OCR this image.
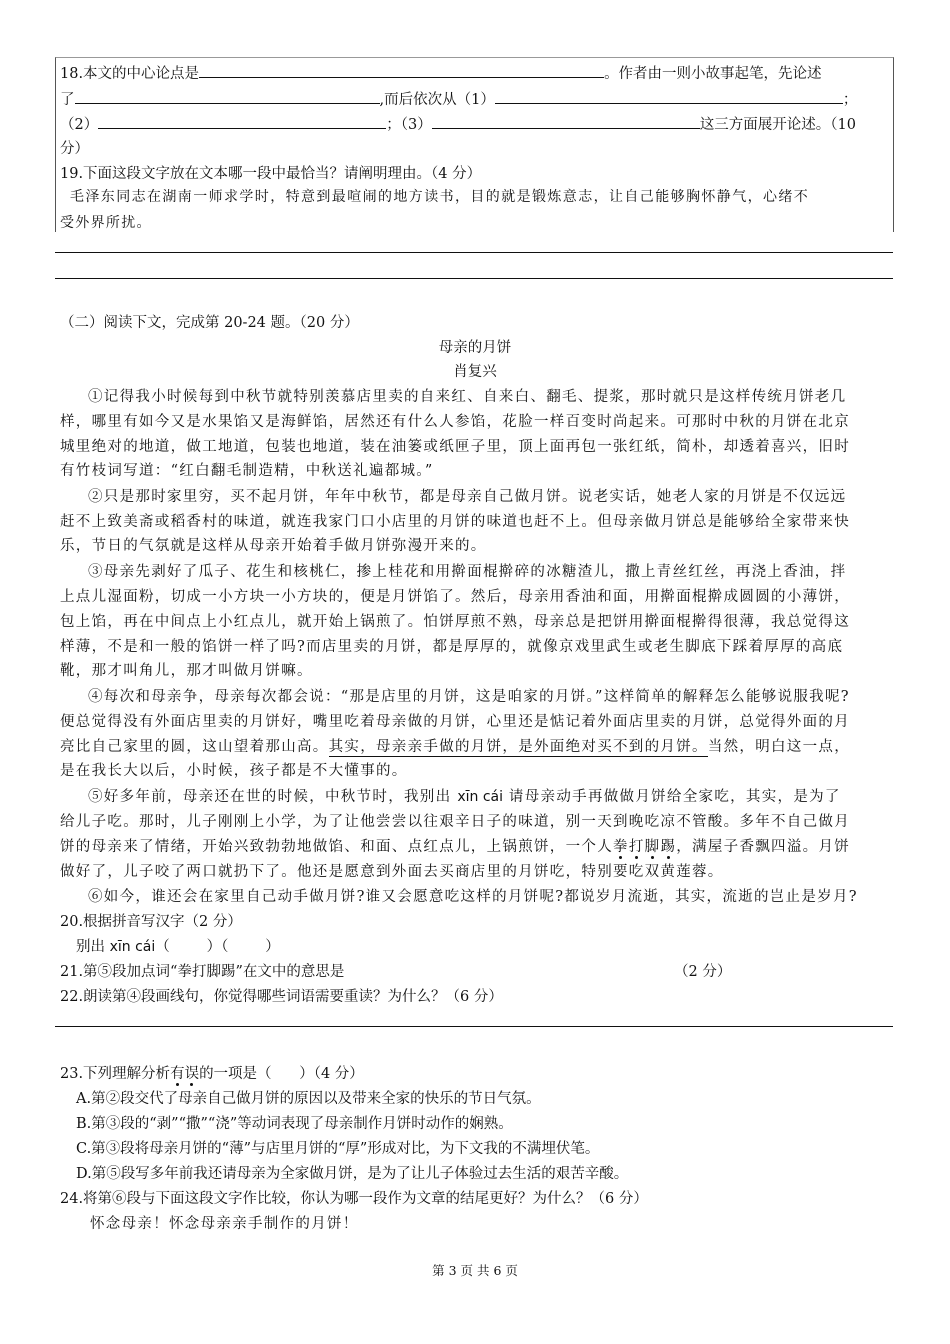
18.本文的中心论点是	。作者由一则小故事起笔，先论述
了	,而后依次从（1）	；
（2）	；（3）	这三方面展开论述。（10
分）
19.下面这段文字放在文本哪一段中最恰当？请阐明理由。（4 分）
毛泽东同志在湖南一师求学时，特意到最喧闹的地方读书，目的就是锻炼意志，让自己能够胸怀静气，心绪不
受外界所扰。
（二）阅读下文，完成第 20-24 题。（20 分）
母亲的月饼
肖复兴
①记得我小时候每到中秋节就特别羡慕店里卖的自来红、自来白、翻毛、提浆，那时就只是这样传统月饼老几
样，哪里有如今又是水果馅又是海鲜馅，居然还有什么人参馅，花脸一样百变时尚起来。可那时中秋的月饼在北京
城里绝对的地道，做工地道，包装也地道，装在油篓或纸匣子里，顶上面再包一张红纸，简朴，却透着喜兴，旧时
有竹枝词写道：“红白翻毛制造精，中秋送礼遍都城。”
②只是那时家里穷，买不起月饼，年年中秋节，都是母亲自己做月饼。说老实话，她老人家的月饼是不仅远远
赶不上致美斋或稻香村的味道，就连我家门口小店里的月饼的味道也赶不上。但母亲做月饼总是能够给全家带来快
乐，节日的气氛就是这样从母亲开始着手做月饼弥漫开来的。
③母亲先剥好了瓜子、花生和核桃仁，掺上桂花和用擀面棍擀碎的冰糖渣儿，撒上青丝红丝，再浇上香油，拌
上点儿湿面粉，切成一小方块一小方块的，便是月饼馅了。然后，母亲用香油和面，用擀面棍擀成圆圆的小薄饼，
包上馅，再在中间点上小红点儿，就开始上锅煎了。怕饼厚煎不熟，母亲总是把饼用擀面棍擀得很薄，我总觉得这
样薄，不是和一般的馅饼一样了吗?而店里卖的月饼，都是厚厚的，就像京戏里武生或老生脚底下踩着厚厚的高底
靴，那才叫角儿，那才叫做月饼嘛。
④每次和母亲争，母亲每次都会说：“那是店里的月饼，这是咱家的月饼。”这样简单的解释怎么能够说服我呢?
便总觉得没有外面店里卖的月饼好，嘴里吃着母亲做的月饼，心里还是惦记着外面店里卖的月饼，总觉得外面的月
亮比自己家里的圆，这山望着那山高。其实，母亲亲手做的月饼，是外面绝对买不到的月饼。当然，明白这一点，
是在我长大以后，小时候，孩子都是不大懂事的。
⑤好多年前，母亲还在世的时候，中秋节时，我别出 xīn cái 请母亲动手再做做月饼给全家吃，其实，是为了
给儿子吃。那时，儿子刚刚上小学，为了让他尝尝以往艰辛日子的味道，别一天到晚吃凉不管酸。多年不自己做月
饼的母亲来了情绪，开始兴致勃勃地做馅、和面、点红点儿，上锅煎饼，一个人拳打脚踢，满屋子香飘四溢。月饼
做好了，儿子咬了两口就扔下了。他还是愿意到外面去买商店里的月饼吃，特别要吃双黄莲蓉。
⑥如今，谁还会在家里自己动手做月饼?谁又会愿意吃这样的月饼呢?都说岁月流逝，其实，流逝的岂止是岁月?
20.根据拼音写汉字（2 分）
别出 xīn cái（        ）（        ）
21.第⑤段加点词“拳打脚踢”在文中的意思是	（2 分）
22.朗读第④段画线句，你觉得哪些词语需要重读？为什么？（6 分）
23.下列理解分析有误的一项是（      ）（4 分）
A.第②段交代了母亲自己做月饼的原因以及带来全家的快乐的节日气氛。
B.第③段的“剥”“撒”“浇”等动词表现了母亲制作月饼时动作的娴熟。
C.第③段将母亲月饼的“薄”与店里月饼的“厚”形成对比，为下文我的不满埋伏笔。
D.第⑤段写多年前我还请母亲为全家做月饼，是为了让儿子体验过去生活的艰苦辛酸。
24.将第⑥段与下面这段文字作比较，你认为哪一段作为文章的结尾更好？为什么？（6 分）
怀念母亲！怀念母亲亲手制作的月饼！
第 3 页 共 6 页
